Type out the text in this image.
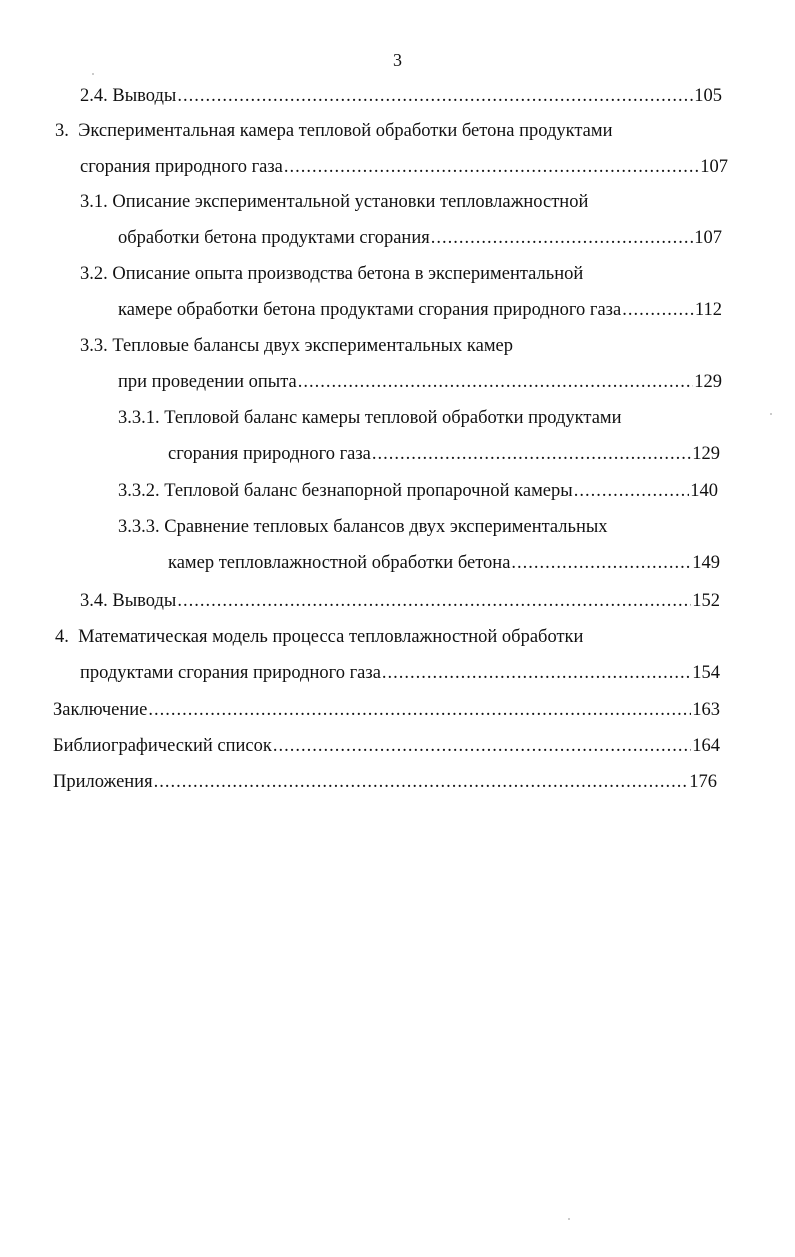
3
2.4. Выводы .....	105
3. Экспериментальная камера тепловой обработки бетона продуктами
сгорания природного газа .....	107
3.1. Описание экспериментальной установки тепловлажностной
обработки бетона продуктами сгорания .....	107
3.2. Описание опыта производства бетона в экспериментальной
камере обработки бетона продуктами сгорания природного газа .....	112
3.3. Тепловые балансы двух экспериментальных камер
при проведении опыта .....	129
3.3.1. Тепловой баланс камеры тепловой обработки продуктами
сгорания природного газа .....	129
3.3.2. Тепловой баланс безнапорной пропарочной камеры .....	140
3.3.3. Сравнение тепловых балансов двух экспериментальных
камер тепловлажностной обработки бетона .....	149
3.4. Выводы .....	152
4. Математическая модель процесса тепловлажностной обработки
продуктами сгорания природного газа .....	154
Заключение .....	163
Библиографический список .....	164
Приложения .....	176
